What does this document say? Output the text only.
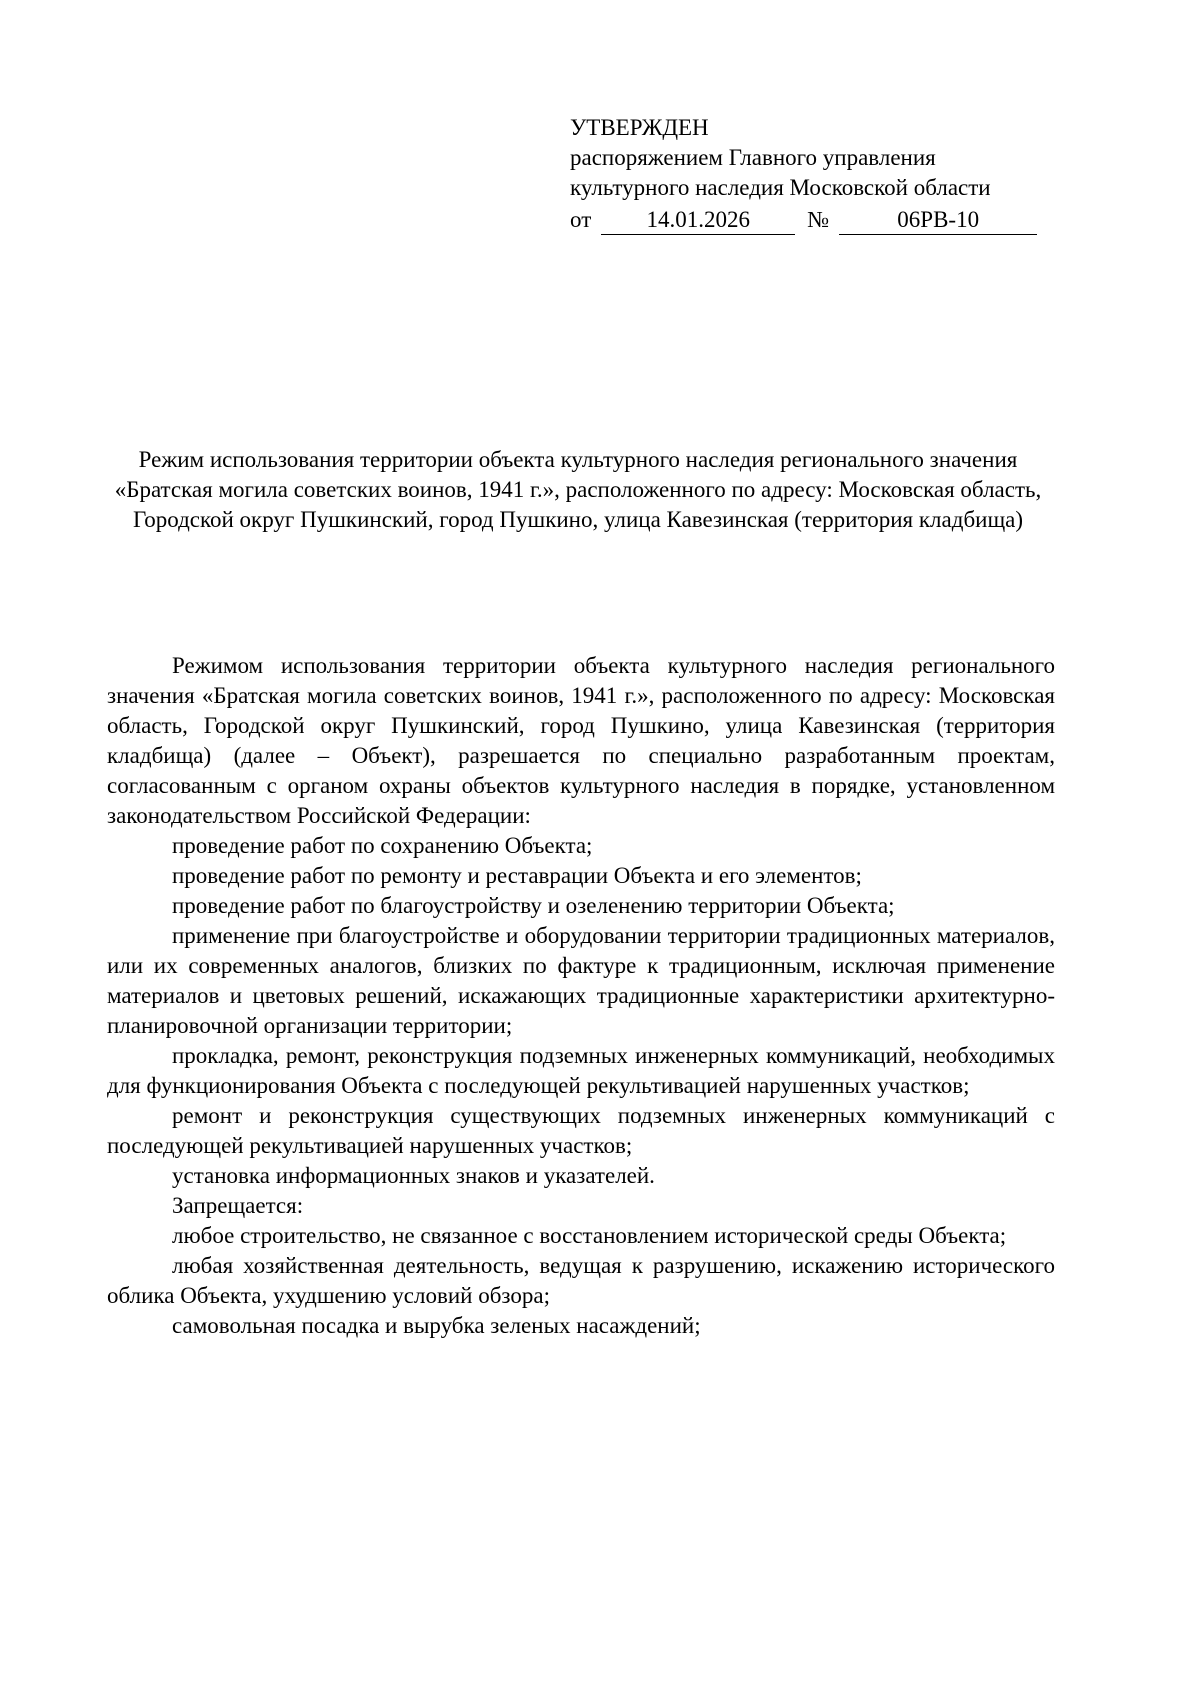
УТВЕРЖДЕН
распоряжением Главного управления
культурного наследия Московской области
от	14.01.2026	№	06РВ-10
Режим использования территории объекта культурного наследия регионального значения «Братская могила советских воинов, 1941 г.», расположенного по адресу: Московская область, Городской округ Пушкинский, город Пушкино, улица Кавезинская (территория кладбища)

Режимом использования территории объекта культурного наследия регионального значения «Братская могила советских воинов, 1941 г.», расположенного по адресу: Московская область, Городской округ Пушкинский, город Пушкино, улица Кавезинская (территория кладбища) (далее – Объект), разрешается по специально разработанным проектам, согласованным с органом охраны объектов культурного наследия в порядке, установленном законодательством Российской Федерации:

проведение работ по сохранению Объекта;

проведение работ по ремонту и реставрации Объекта и его элементов;

проведение работ по благоустройству и озеленению территории Объекта;

применение при благоустройстве и оборудовании территории традиционных материалов, или их современных аналогов, близких по фактуре к традиционным, исключая применение материалов и цветовых решений, искажающих традиционные характеристики архитектурно-планировочной организации территории;

прокладка, ремонт, реконструкция подземных инженерных коммуникаций, необходимых для функционирования Объекта с последующей рекультивацией нарушенных участков;

ремонт и реконструкция существующих подземных инженерных коммуникаций с последующей рекультивацией нарушенных участков;

установка информационных знаков и указателей.

Запрещается:

любое строительство, не связанное с восстановлением исторической среды Объекта;

любая хозяйственная деятельность, ведущая к разрушению, искажению исторического облика Объекта, ухудшению условий обзора;

самовольная посадка и вырубка зеленых насаждений;
